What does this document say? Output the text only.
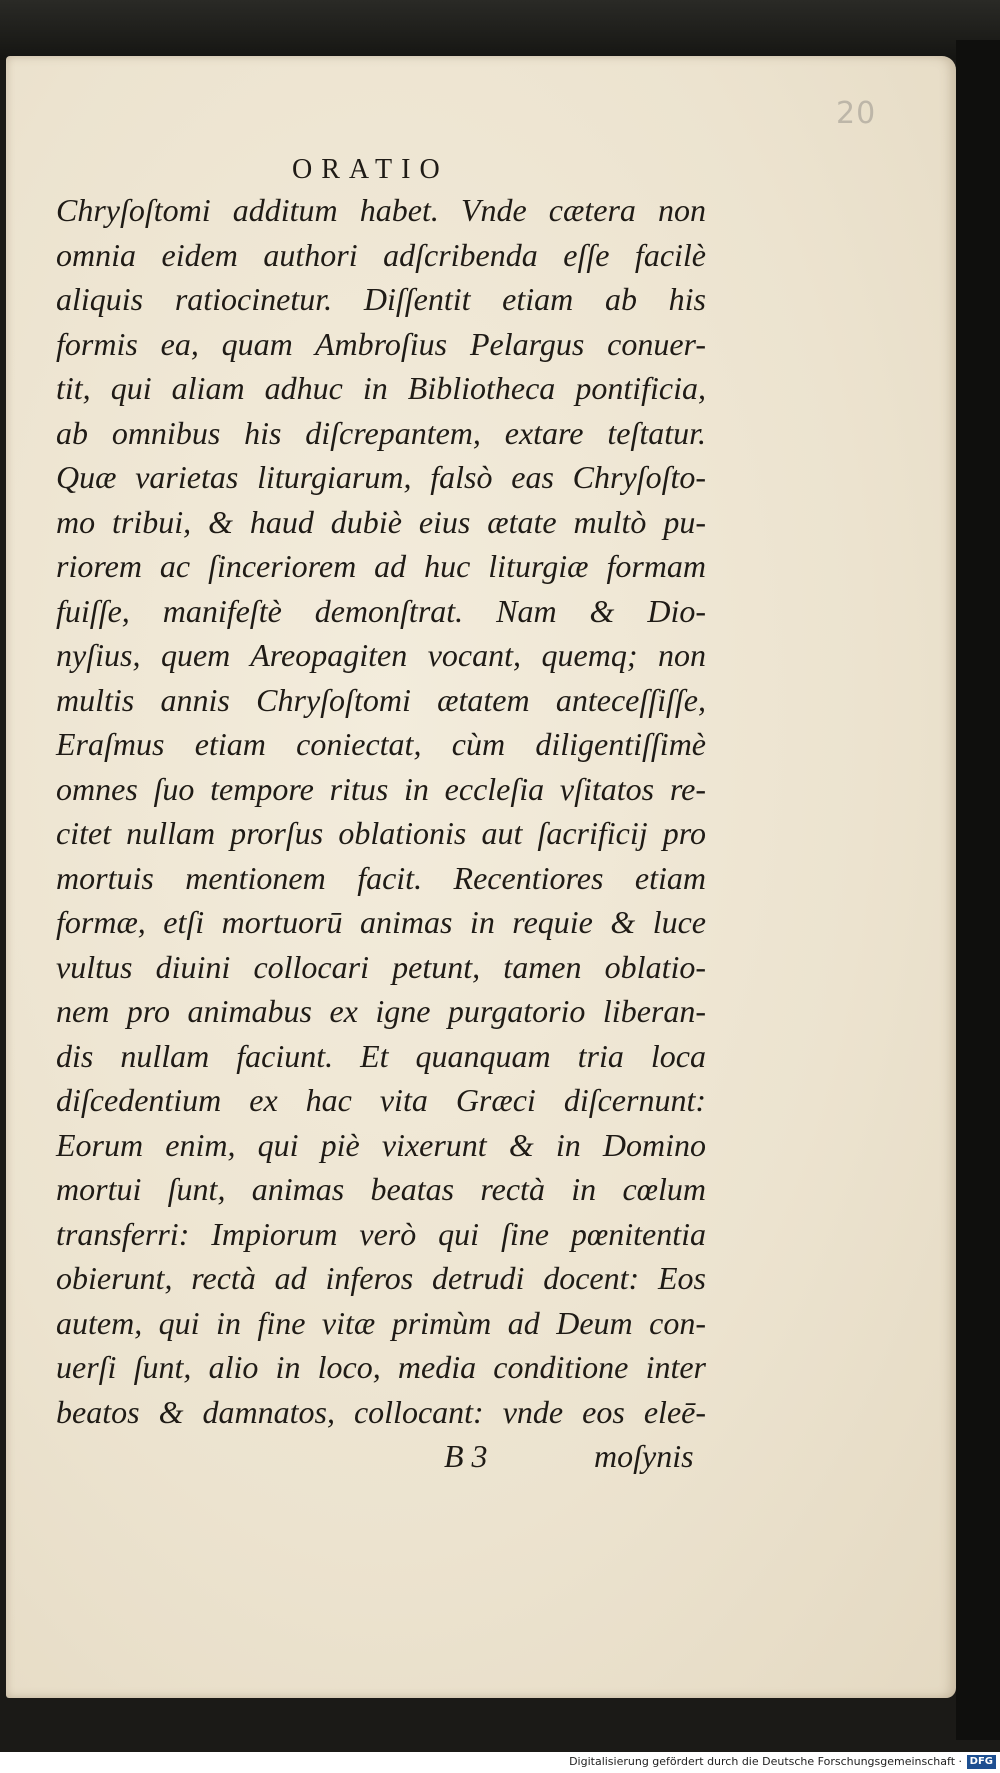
20
ORATIO
Chryſoſtomi additum habet. Vnde cætera non
omnia eidem authori adſcribenda eſſe facilè
aliquis ratiocinetur. Diſſentit etiam ab his
formis ea, quam Ambroſius Pelargus conuer-
tit, qui aliam adhuc in Bibliotheca pontificia,
ab omnibus his diſcrepantem, extare teſtatur.
Quæ varietas liturgiarum, falsò eas Chryſoſto-
mo tribui, & haud dubiè eius ætate multò pu-
riorem ac ſinceriorem ad huc liturgiæ formam
fuiſſe, manifeſtè demonſtrat. Nam & Dio-
nyſius, quem Areopagiten vocant, quemq; non
multis annis Chryſoſtomi ætatem anteceſſiſſe,
Eraſmus etiam coniectat, cùm diligentiſſimè
omnes ſuo tempore ritus in eccleſia vſitatos re-
citet nullam prorſus oblationis aut ſacrificij pro
mortuis mentionem facit. Recentiores etiam
formæ, etſi mortuorū animas in requie & luce
vultus diuini collocari petunt, tamen oblatio-
nem pro animabus ex igne purgatorio liberan-
dis nullam faciunt. Et quanquam tria loca
diſcedentium ex hac vita Græci diſcernunt:
Eorum enim, qui piè vixerunt & in Domino
mortui ſunt, animas beatas rectà in cœlum
transferri: Impiorum verò qui ſine pœnitentia
obierunt, rectà ad inferos detrudi docent: Eos
autem, qui in fine vitæ primùm ad Deum con-
uerſi ſunt, alio in loco, media conditione inter
beatos & damnatos, collocant: vnde eos eleē-
B 3	moſynis
Digitalisierung gefördert durch die Deutsche Forschungsgemeinschaft · DFG
